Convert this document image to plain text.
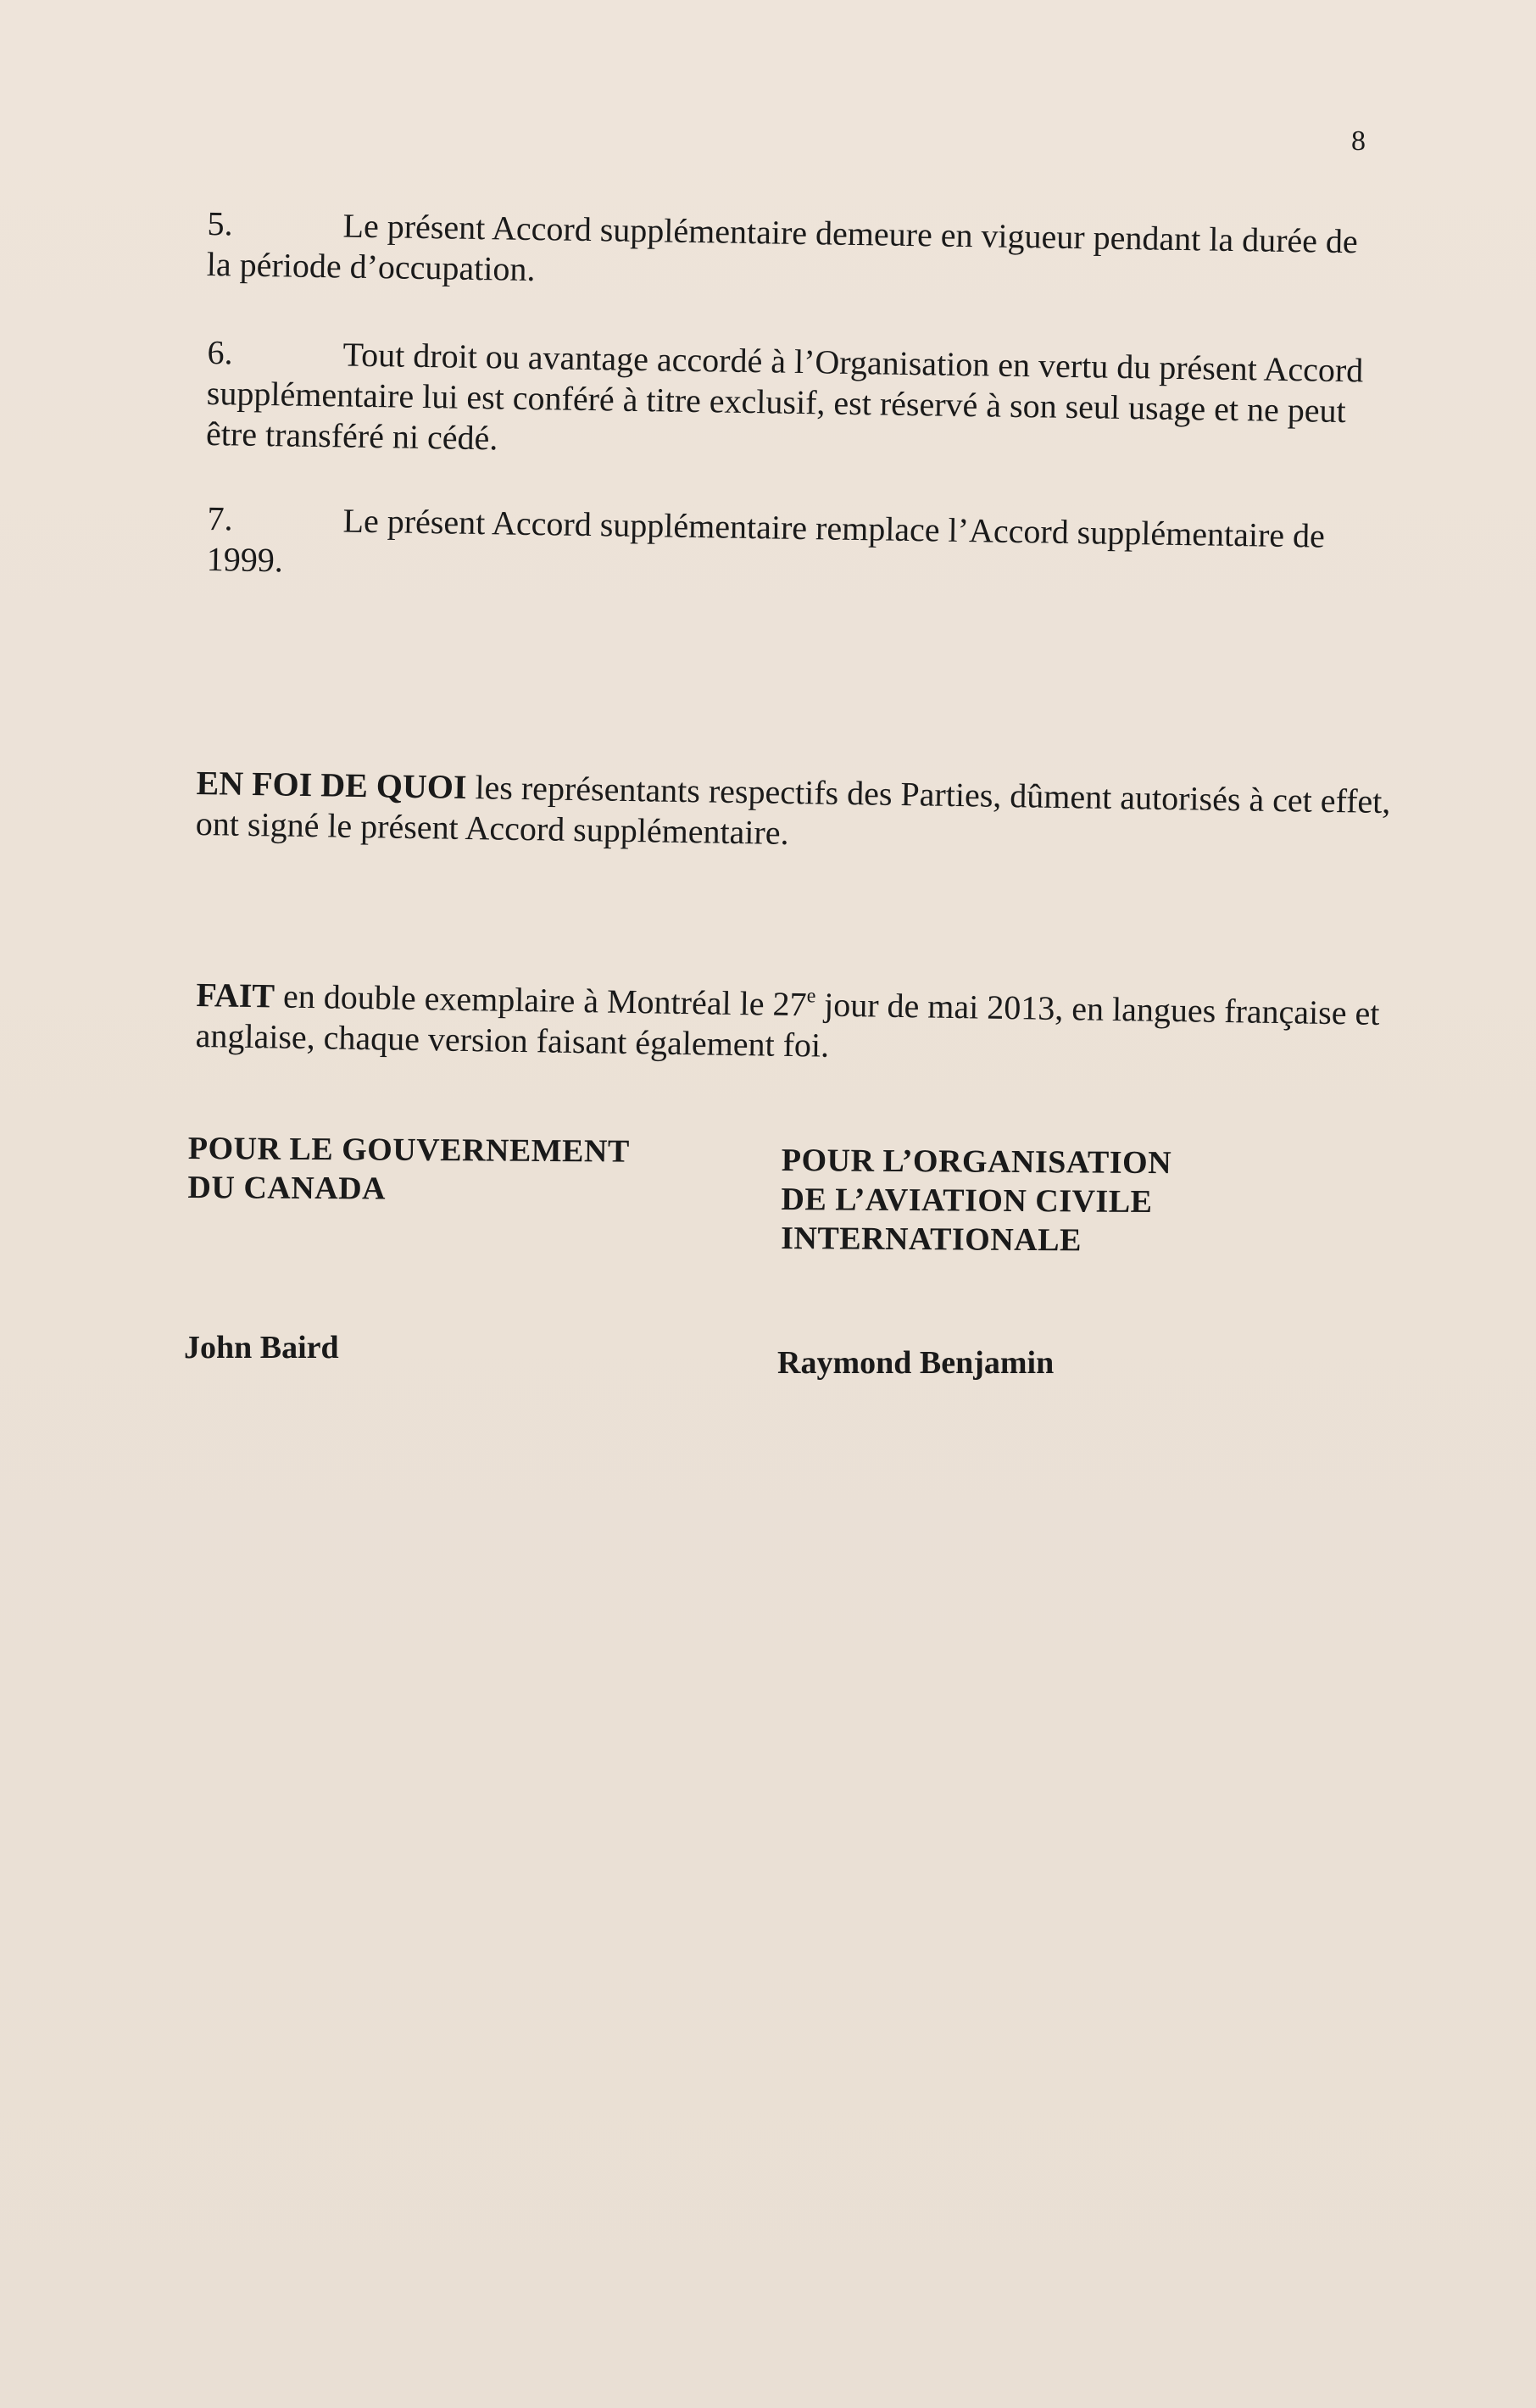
8
5.	Le présent Accord supplémentaire demeure en vigueur pendant la durée de la période d’occupation.
6.	Tout droit ou avantage accordé à l’Organisation en vertu du présent Accord supplémentaire lui est conféré à titre exclusif, est réservé à son seul usage et ne peut être transféré ni cédé.
7.	Le présent Accord supplémentaire remplace l’Accord supplémentaire de 1999.
EN FOI DE QUOI les représentants respectifs des Parties, dûment autorisés à cet effet, ont signé le présent Accord supplémentaire.
FAIT en double exemplaire à Montréal le 27e jour de mai 2013, en langues française et anglaise, chaque version faisant également foi.
POUR LE GOUVERNEMENT
DU CANADA
POUR L’ORGANISATION
DE L’AVIATION CIVILE
INTERNATIONALE
John Baird	Raymond Benjamin
